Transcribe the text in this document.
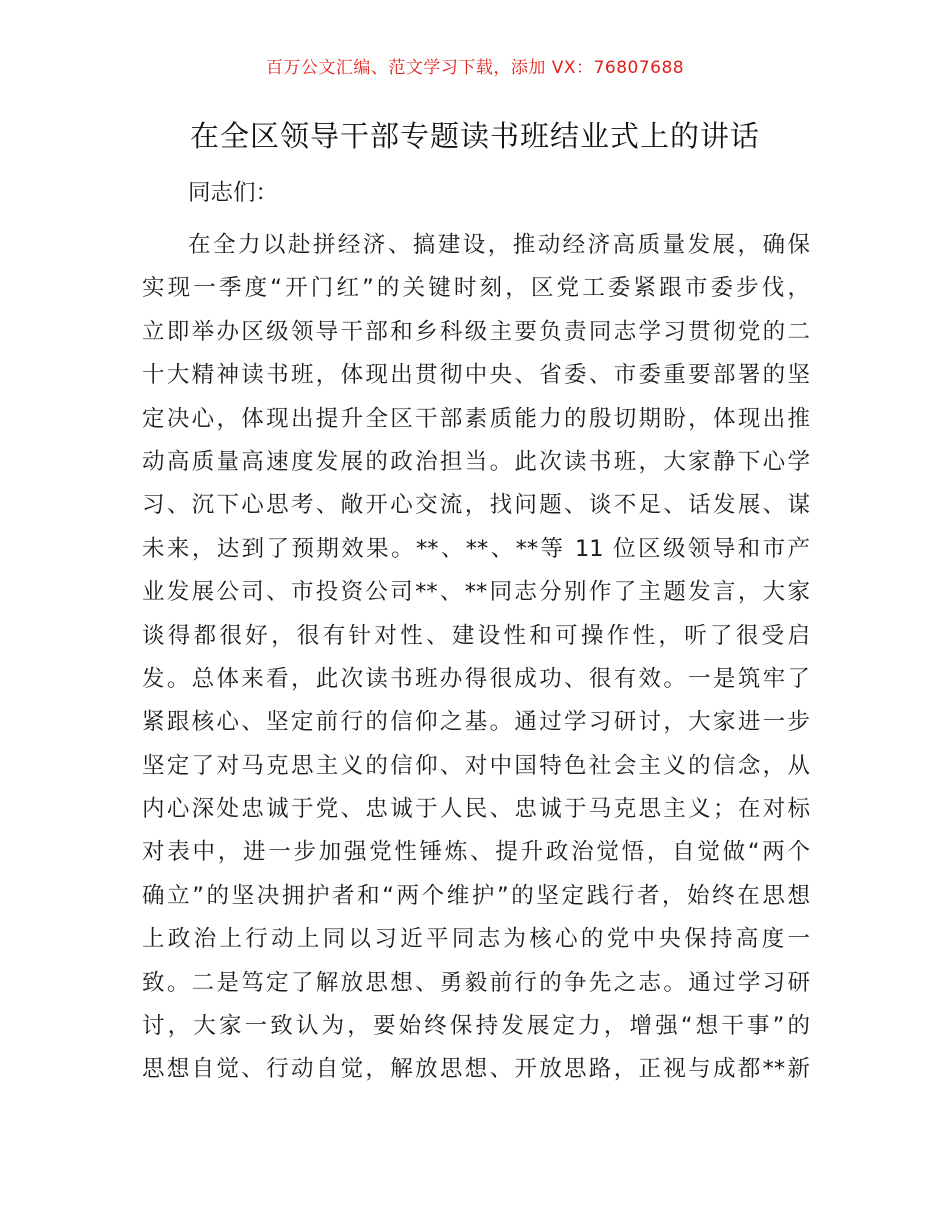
百万公文汇编、范文学习下载，添加 VX：76807688
在全区领导干部专题读书班结业式上的讲话
同志们：
在全力以赴拼经济、搞建设，推动经济高质量发展，确保
实现一季度“开门红”的关键时刻，区党工委紧跟市委步伐，
立即举办区级领导干部和乡科级主要负责同志学习贯彻党的二
十大精神读书班，体现出贯彻中央、省委、市委重要部署的坚
定决心，体现出提升全区干部素质能力的殷切期盼，体现出推
动高质量高速度发展的政治担当。此次读书班，大家静下心学
习、沉下心思考、敞开心交流，找问题、谈不足、话发展、谋
未来，达到了预期效果。**、**、**等 11 位区级领导和市产
业发展公司、市投资公司**、**同志分别作了主题发言，大家
谈得都很好，很有针对性、建设性和可操作性，听了很受启
发。总体来看，此次读书班办得很成功、很有效。一是筑牢了
紧跟核心、坚定前行的信仰之基。通过学习研讨，大家进一步
坚定了对马克思主义的信仰、对中国特色社会主义的信念，从
内心深处忠诚于党、忠诚于人民、忠诚于马克思主义；在对标
对表中，进一步加强党性锤炼、提升政治觉悟，自觉做“两个
确立”的坚决拥护者和“两个维护”的坚定践行者，始终在思想
上政治上行动上同以习近平同志为核心的党中央保持高度一
致。二是笃定了解放思想、勇毅前行的争先之志。通过学习研
讨，大家一致认为，要始终保持发展定力，增强“想干事”的
思想自觉、行动自觉，解放思想、开放思路，正视与成都**新
